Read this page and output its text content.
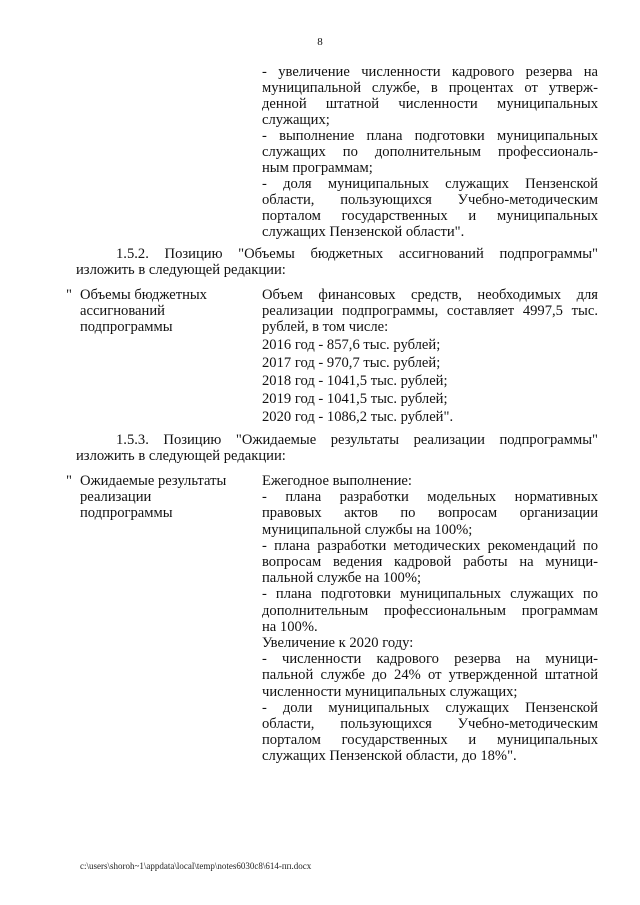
8
- увеличение численности кадрового резерва на
муниципальной службе, в процентах от утверж-
денной штатной численности муниципальных
служащих;
- выполнение плана подготовки муниципальных
служащих по дополнительным профессиональ-
ным программам;
- доля муниципальных служащих Пензенской
области, пользующихся Учебно-методическим
порталом государственных и муниципальных
служащих Пензенской области".
1.5.2. Позицию "Объемы бюджетных ассигнований подпрограммы"
изложить в следующей редакции:
" Объемы бюджетных
ассигнований
подпрограммы
Объем финансовых средств, необходимых для
реализации подпрограммы, составляет 4997,5 тыс.
рублей, в том числе:
2016 год - 857,6 тыс. рублей;
2017 год - 970,7 тыс. рублей;
2018 год - 1041,5 тыс. рублей;
2019 год - 1041,5 тыс. рублей;
2020 год - 1086,2 тыс. рублей".
1.5.3. Позицию "Ожидаемые результаты реализации подпрограммы"
изложить в следующей редакции:
" Ожидаемые результаты
реализации
подпрограммы
Ежегодное выполнение:
- плана разработки модельных нормативных
правовых актов по вопросам организации
муниципальной службы на 100%;
- плана разработки методических рекомендаций по
вопросам ведения кадровой работы на муници-
пальной службе на 100%;
- плана подготовки муниципальных служащих по
дополнительным профессиональным программам
на 100%.
Увеличение к 2020 году:
- численности кадрового резерва на муници-
пальной службе до 24% от утвержденной штатной
численности муниципальных служащих;
- доли муниципальных служащих Пензенской
области, пользующихся Учебно-методическим
порталом государственных и муниципальных
служащих Пензенской области, до 18%".
c:\users\shoroh~1\appdata\local\temp\notes6030c8\614-пп.docx
